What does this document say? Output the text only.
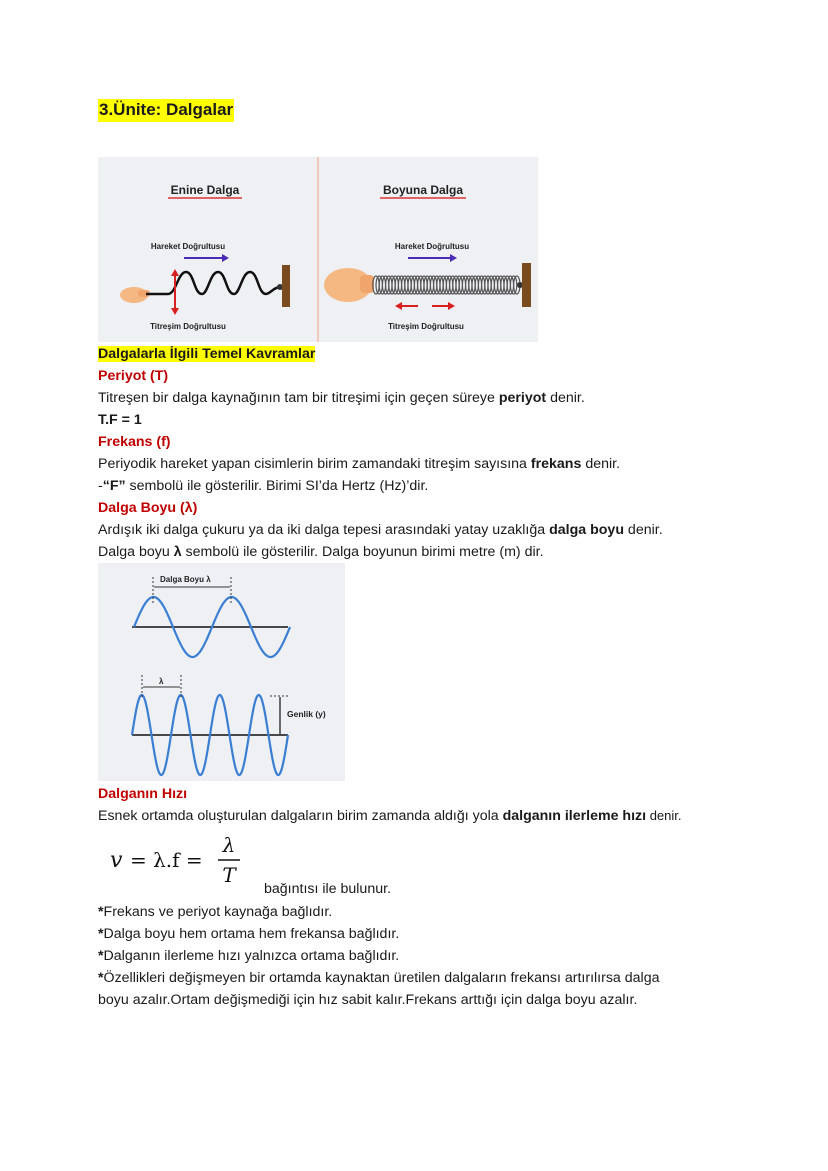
3.Ünite: Dalgalar
Enine Dalga
Hareket Doğrultusu
Titreşim Doğrultusu
Boyuna Dalga
Hareket Doğrultusu
Titreşim Doğrultusu
Dalgalarla İlgili Temel Kavramlar
Periyot (T)
Titreşen bir dalga kaynağının tam bir titreşimi için geçen süreye periyot denir.
T.F = 1
Frekans (f)
Periyodik hareket yapan cisimlerin birim zamandaki titreşim sayısına frekans denir.
-“F” sembolü ile gösterilir. Birimi SI’da Hertz (Hz)’dir.
Dalga Boyu (λ)
Ardışık iki dalga çukuru ya da iki dalga tepesi arasındaki yatay uzaklığa dalga boyu denir.
Dalga boyu λ sembolü ile gösterilir. Dalga boyunun birimi metre (m) dir.
Dalga Boyu λ
λ
Genlik (y)
Dalganın Hızı
Esnek ortamda oluşturulan dalgaların birim zamanda aldığı yola dalganın ilerleme hızı denir.
v = λ.f =
λ
T
bağıntısı ile bulunur.
*Frekans ve periyot kaynağa bağlıdır.
*Dalga boyu hem ortama hem frekansa bağlıdır.
*Dalganın ilerleme hızı yalnızca ortama bağlıdır.
*Özellikleri değişmeyen bir ortamda kaynaktan üretilen dalgaların frekansı artırılırsa dalga
boyu azalır.Ortam değişmediği için hız sabit kalır.Frekans arttığı için dalga boyu azalır.
